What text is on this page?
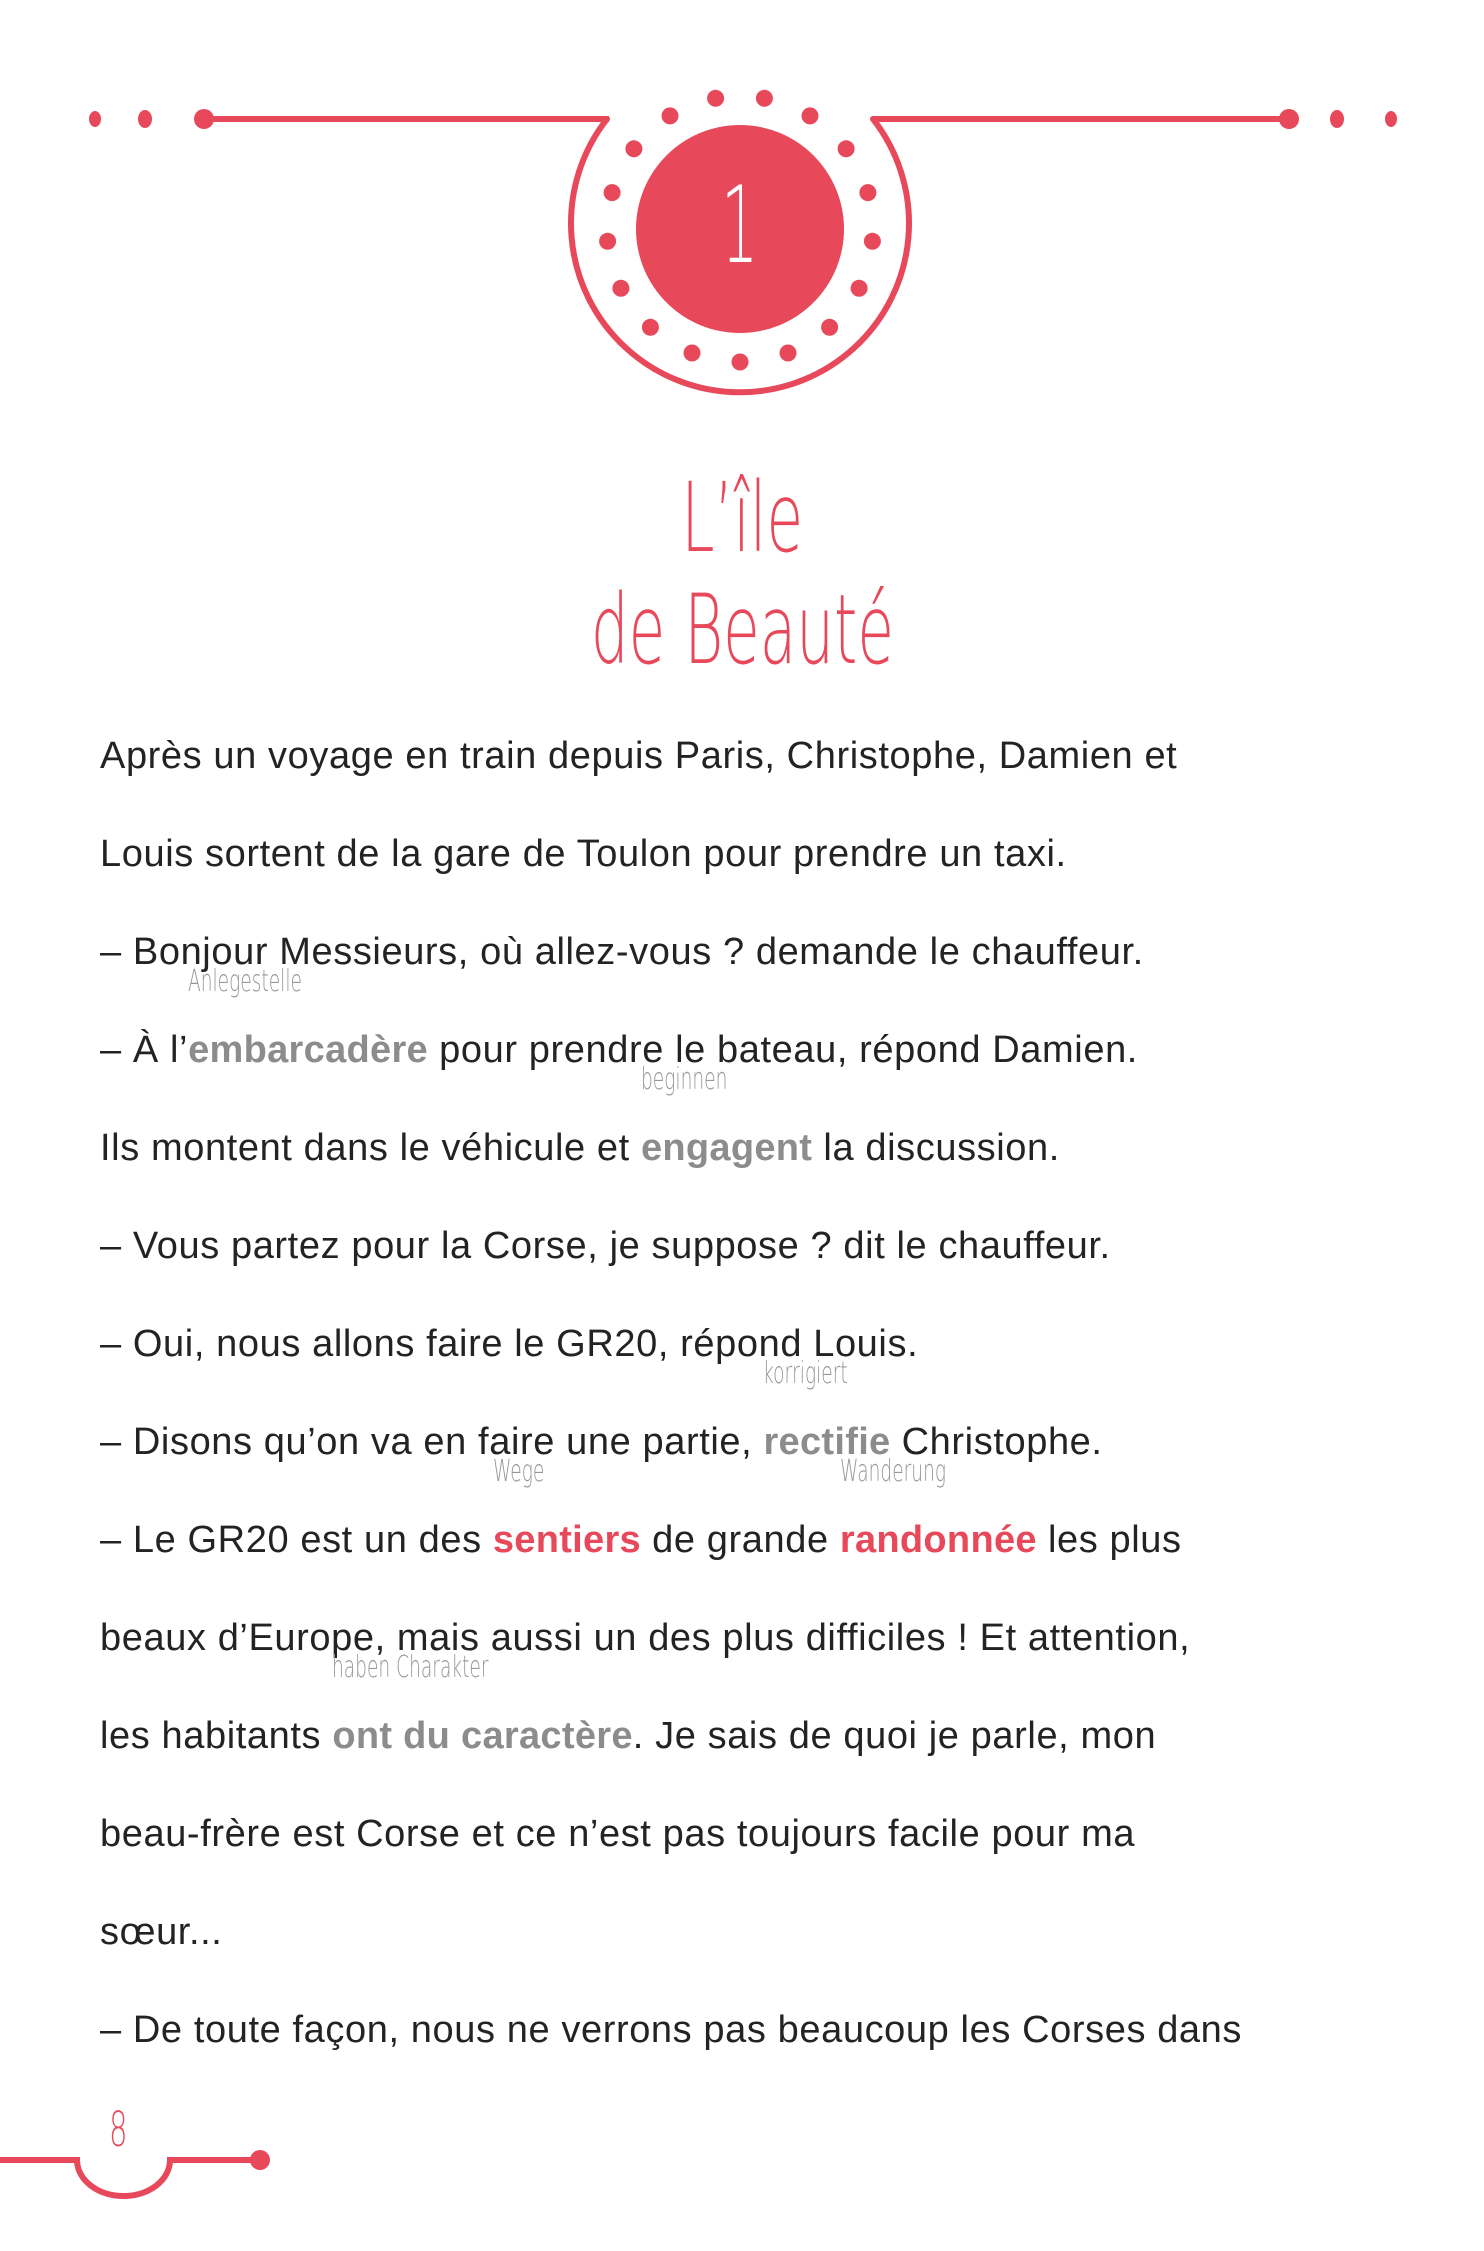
1
L’île
de Beauté

Après un voyage en train depuis Paris, Christophe, Damien et

Louis sortent de la gare de Toulon pour prendre un taxi.

– Bonjour Messieurs, où allez-vous ? demande le chauffeur.

– À l’
Anlegestelle
embarcadère pour prendre le bateau, répond Damien.

Ils montent dans le véhicule et
beginnen
engagent la discussion.

– Vous partez pour la Corse, je suppose ? dit le chauffeur.

– Oui, nous allons faire le GR20, répond Louis.

– Disons qu’on va en faire une partie,
korrigiert
rectifie Christophe.

– Le GR20 est un des
Wege
sentiers de grande
Wanderung
randonnée les plus

beaux d’Europe, mais aussi un des plus difficiles ! Et attention,

les habitants
haben Charakter
ont du caractère. Je sais de quoi je parle, mon

beau-frère est Corse et ce n’est pas toujours facile pour ma

sœur...

– De toute façon, nous ne verrons pas beaucoup les Corses dans

8
